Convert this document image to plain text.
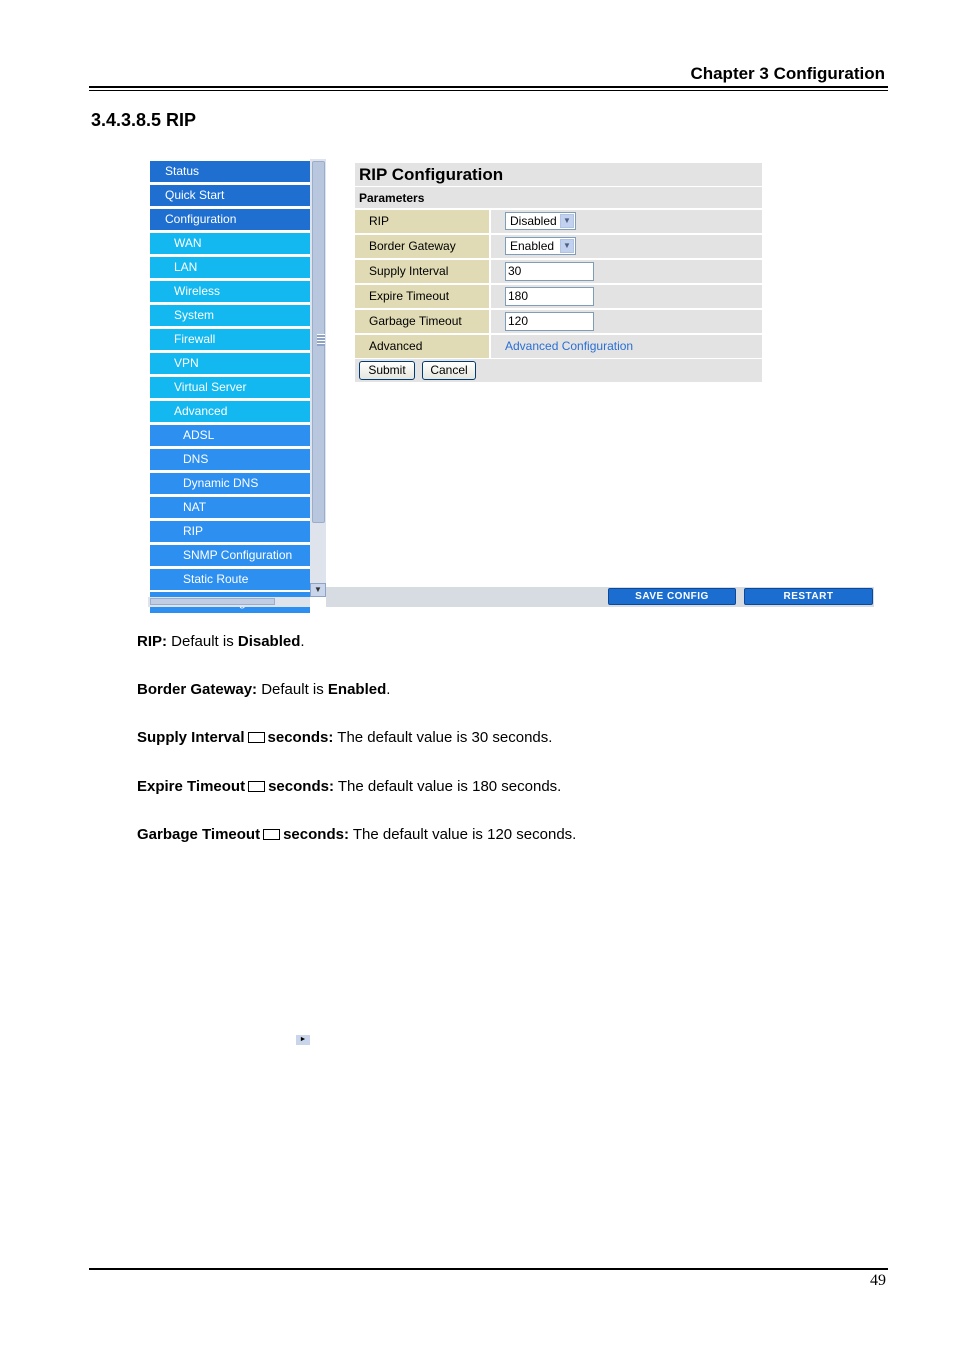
Chapter 3 Configuration
3.4.3.8.5 RIP
Status
Quick Start
Configuration
WAN
LAN
Wireless
System
Firewall
VPN
Virtual Server
Advanced
ADSL
DNS
Dynamic DNS
NAT
RIP
SNMP Configuration
Static Route
▼
►
RIP Configuration
Parameters
RIP	Disabled ▼
Border Gateway	Enabled	▼
Supply Interval	30
Expire Timeout	180
Garbage Timeout	120
Advanced	Advanced Configuration
Submit	Cancel
SAVE CONFIG	RESTART
RIP: Default is Disabled.
Border Gateway: Default is Enabled.
Supply Interval seconds: The default value is 30 seconds.
Expire Timeout seconds: The default value is 180 seconds.
Garbage Timeout seconds: The default value is 120 seconds.
49
